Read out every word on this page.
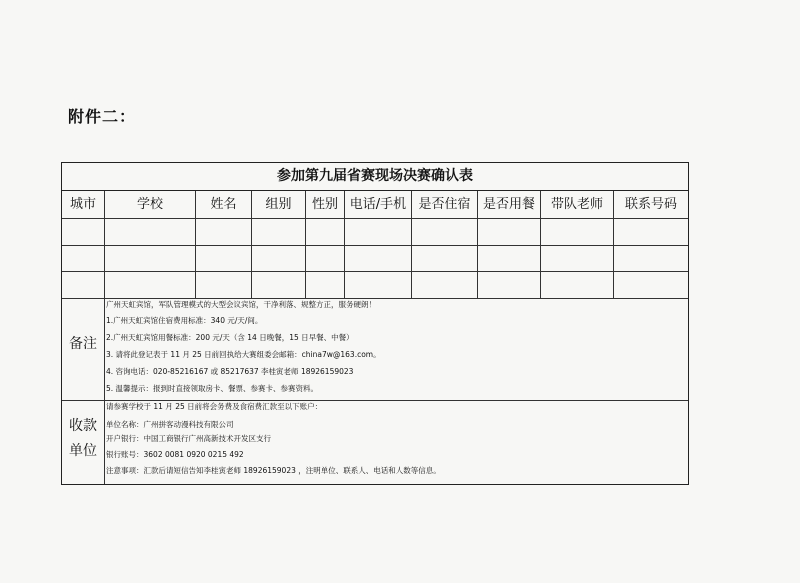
附件二：
参加第九届省赛现场决赛确认表
城市	学校	姓名	组别	性别 电话/手机 是否住宿 是否用餐	带队老师	联系号码
备注
广州天虹宾馆，军队管理模式的大型会议宾馆，干净利落、规整方正，服务硬朗！
1.广州天虹宾馆住宿费用标准：340 元/天/间。
2.广州天虹宾馆用餐标准：200 元/天（含 14 日晚餐，15 日早餐、中餐）
3. 请将此登记表于 11 月 25 日前回执给大赛组委会邮箱：china7w@163.com。
4. 咨询电话：020-85216167 或 85217637 李桂寅老师 18926159023
5. 温馨提示：报到时直接领取房卡、餐票、参赛卡、参赛资料。
收款
单位
请参赛学校于 11 月 25 日前将会务费及食宿费汇款至以下账户：
单位名称：广州拼客动漫科技有限公司
开户银行：中国工商银行广州高新技术开发区支行
银行账号：3602 0081 0920 0215 492
注意事项：汇款后请短信告知李桂寅老师 18926159023 ，注明单位、联系人、电话和人数等信息。
